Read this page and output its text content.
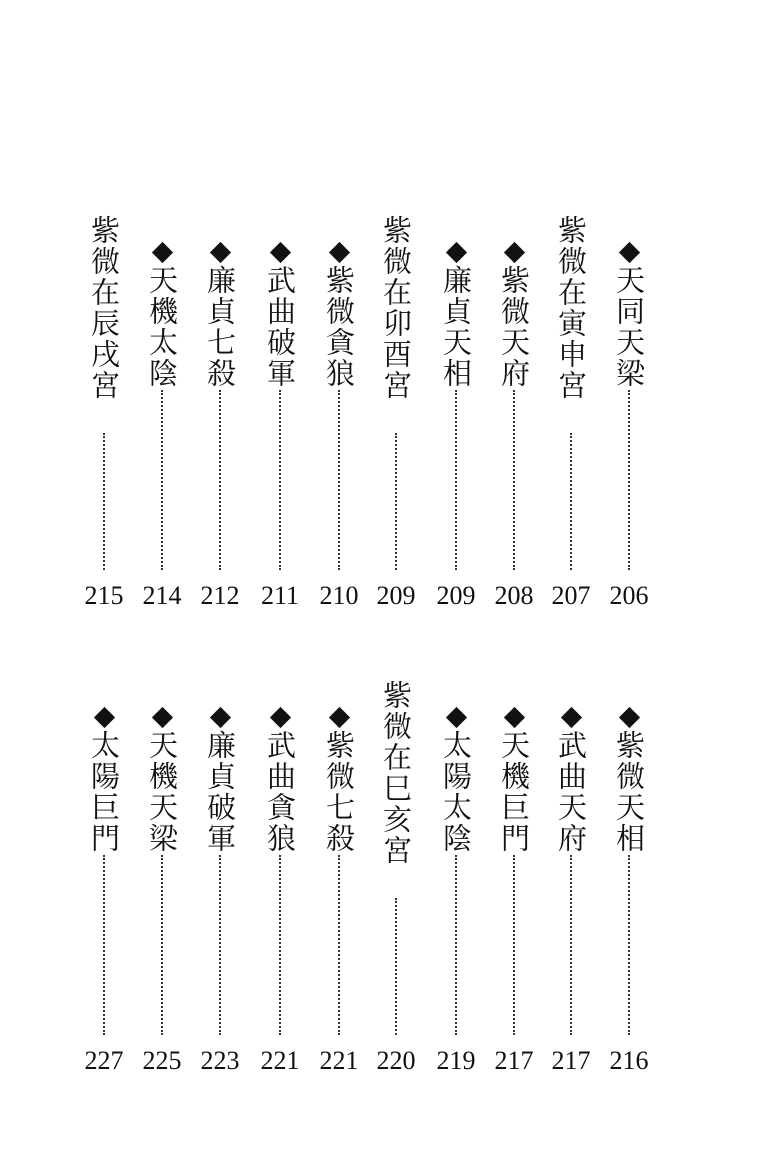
紫微在辰戌宮
215
天機太陰
214
廉貞七殺
212
武曲破軍
211
紫微貪狼
210
紫微在卯酉宮
209
廉貞天相
209
紫微天府
208
紫微在寅申宮
207
天同天梁
206
太陽巨門
227
天機天梁
225
廉貞破軍
223
武曲貪狼
221
紫微七殺
221
紫微在巳亥宮
220
太陽太陰
219
天機巨門
217
武曲天府
217
紫微天相
216
